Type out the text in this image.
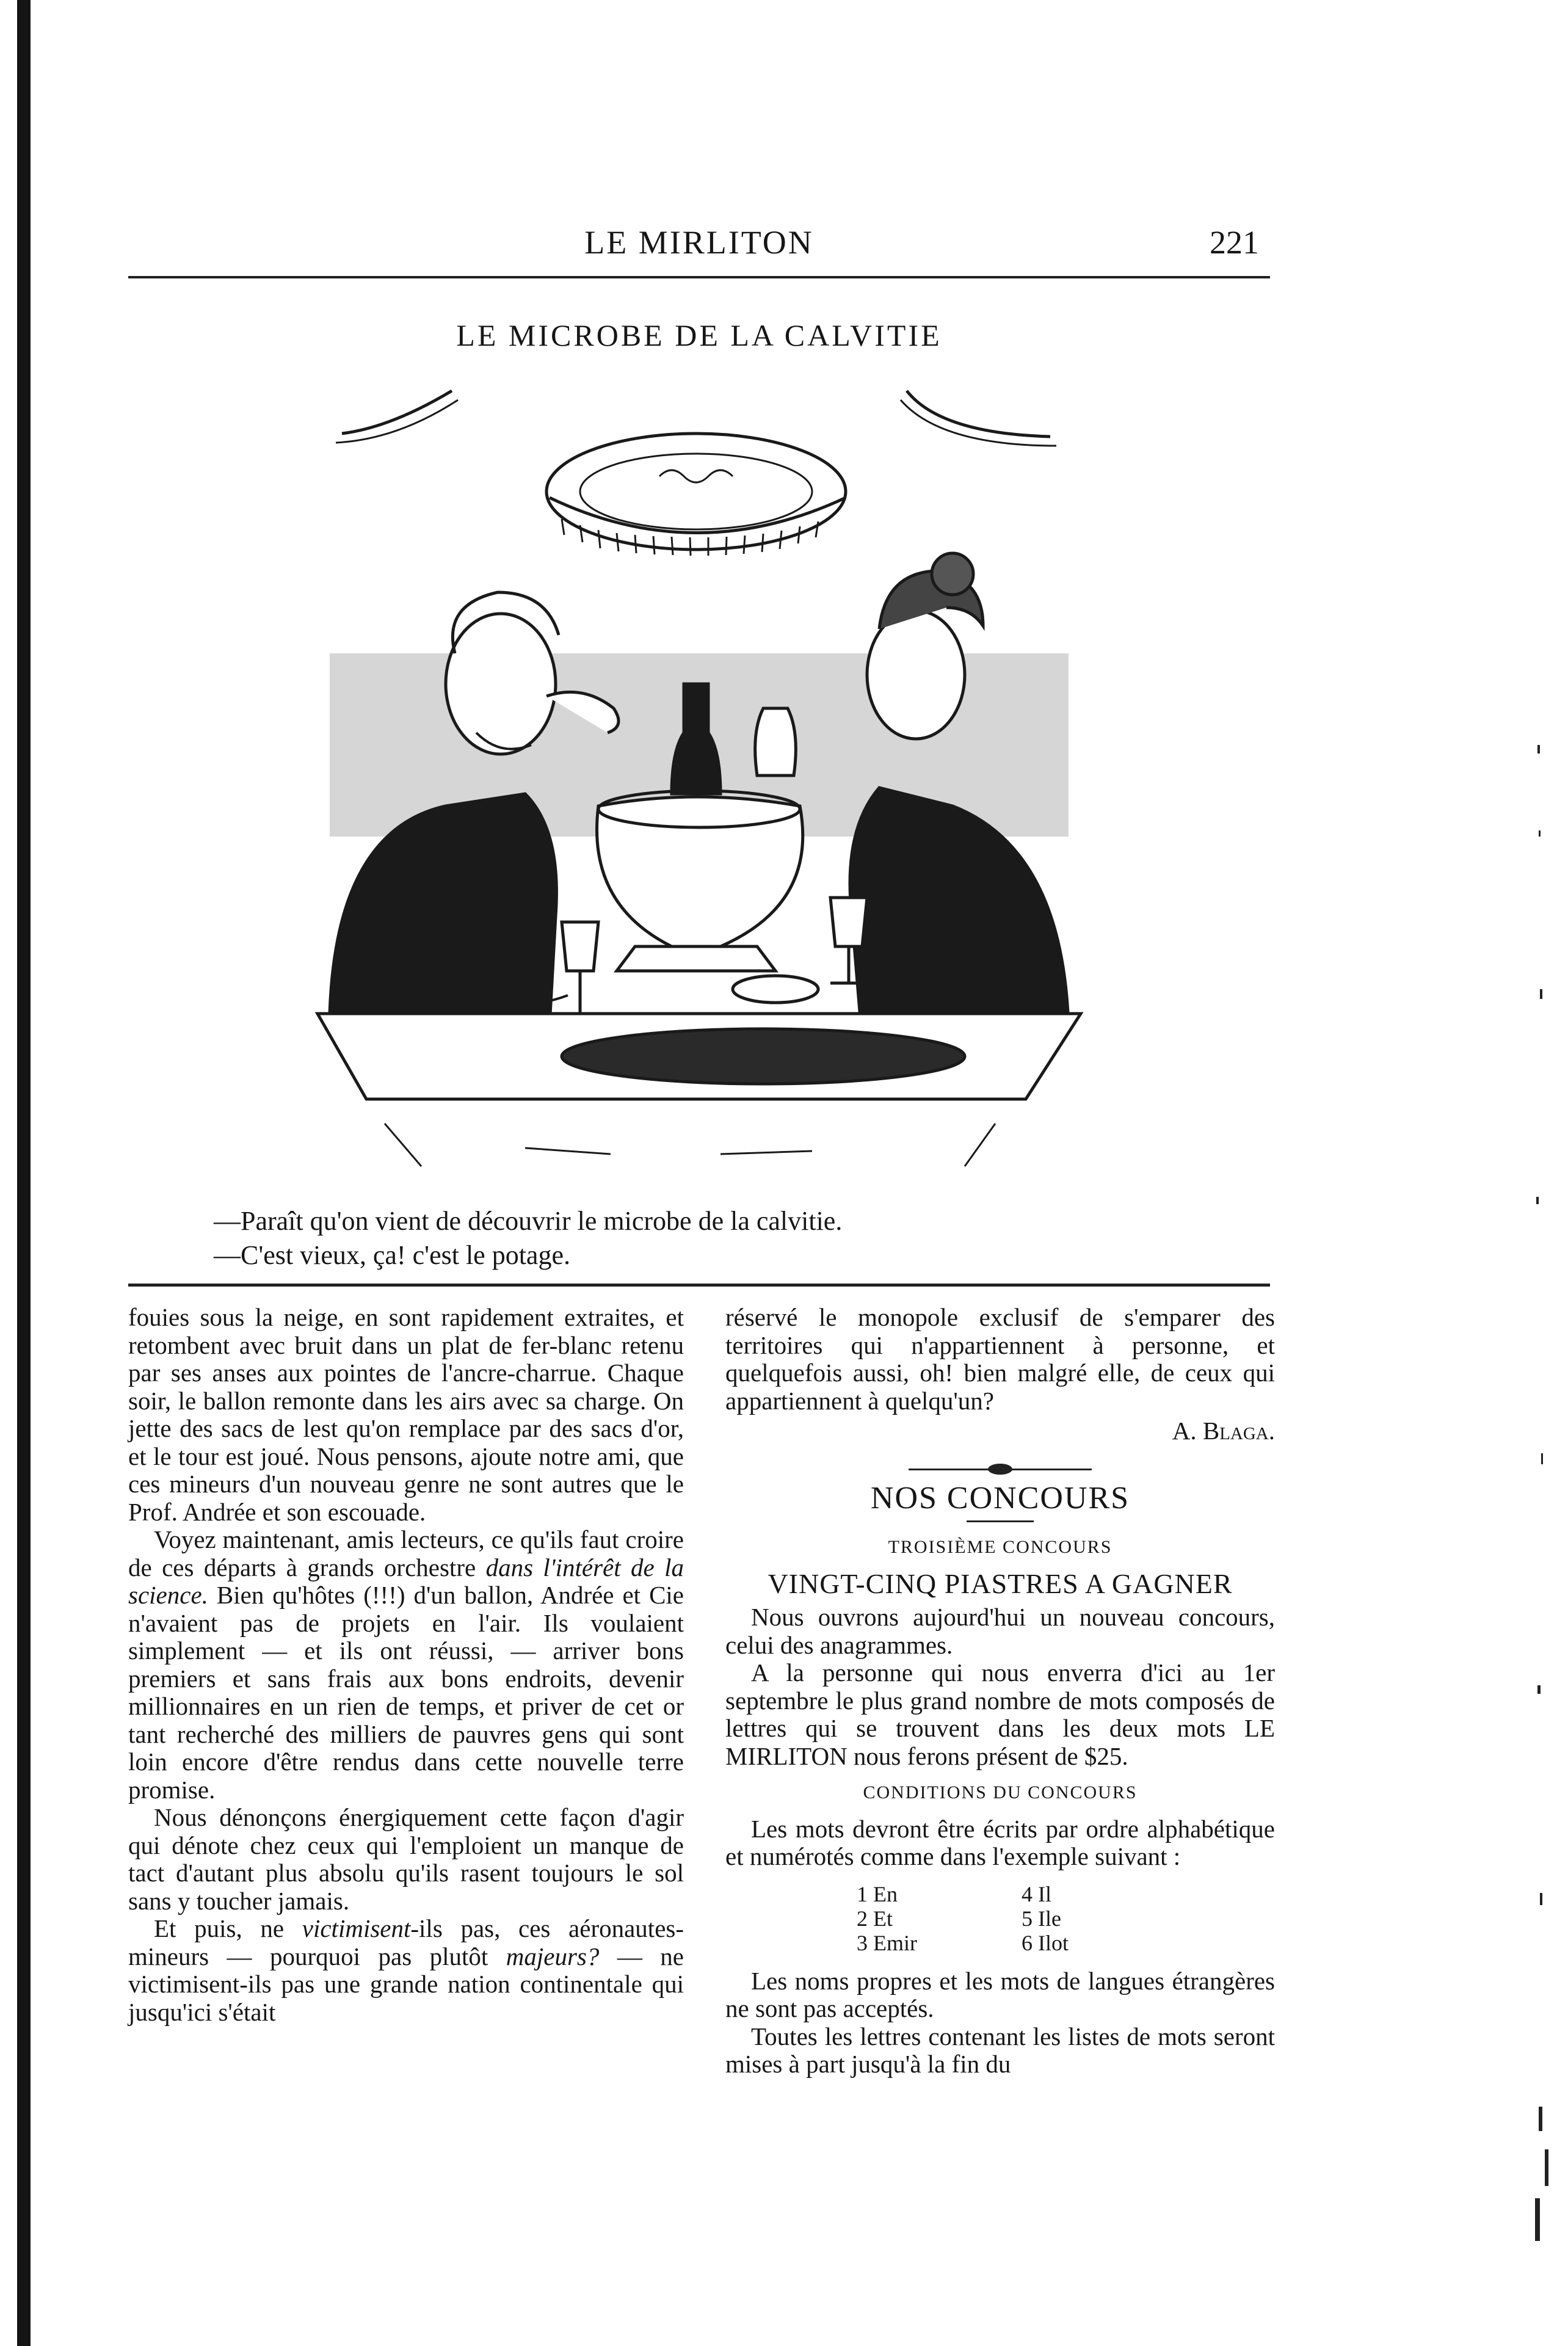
LE MIRLITON	221
LE MICROBE DE LA CALVITIE

—Paraît qu'on vient de découvrir le microbe de la calvitie.

—C'est vieux, ça! c'est le potage.

fouies sous la neige, en sont rapidement extraites, et retombent avec bruit dans un plat de fer-blanc retenu par ses anses aux pointes de l'ancre-charrue. Chaque soir, le ballon remonte dans les airs avec sa charge. On jette des sacs de lest qu'on remplace par des sacs d'or, et le tour est joué. Nous pensons, ajoute notre ami, que ces mineurs d'un nouveau genre ne sont autres que le Prof. Andrée et son escouade.

Voyez maintenant, amis lecteurs, ce qu'ils faut croire de ces départs à grands orchestre dans l'intérêt de la science. Bien qu'hôtes (!!!) d'un ballon, Andrée et Cie n'avaient pas de projets en l'air. Ils voulaient simplement — et ils ont réussi, — arriver bons premiers et sans frais aux bons endroits, devenir millionnaires en un rien de temps, et priver de cet or tant recherché des milliers de pauvres gens qui sont loin encore d'être rendus dans cette nouvelle terre promise.

Nous dénonçons énergiquement cette façon d'agir qui dénote chez ceux qui l'emploient un manque de tact d'autant plus absolu qu'ils rasent toujours le sol sans y toucher jamais.

Et puis, ne victimisent-ils pas, ces aéronautes-mineurs — pourquoi pas plutôt majeurs? — ne victimisent-ils pas une grande nation continentale qui jusqu'ici s'était

réservé le monopole exclusif de s'emparer des territoires qui n'appartiennent à personne, et quelquefois aussi, oh! bien malgré elle, de ceux qui appartiennent à quelqu'un?

A. Blaga.

NOS CONCOURS

TROISIÈME CONCOURS

VINGT-CINQ PIASTRES A GAGNER

Nous ouvrons aujourd'hui un nouveau concours, celui des anagrammes.

A la personne qui nous enverra d'ici au 1er septembre le plus grand nombre de mots composés de lettres qui se trouvent dans les deux mots LE MIRLITON nous ferons présent de $25.

CONDITIONS DU CONCOURS

Les mots devront être écrits par ordre alphabétique et numérotés comme dans l'exemple suivant :

1 En	4 Il
2 Et	5 Ile
3 Emir	6 Ilot

Les noms propres et les mots de langues étrangères ne sont pas acceptés.

Toutes les lettres contenant les listes de mots seront mises à part jusqu'à la fin du
